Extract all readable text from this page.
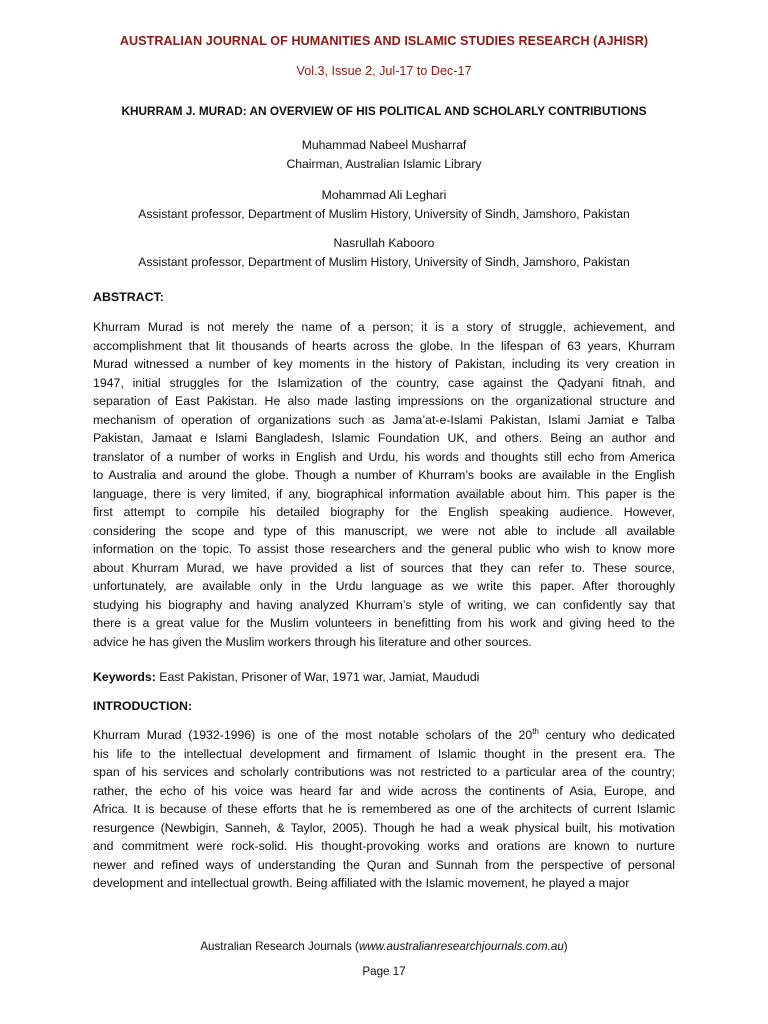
AUSTRALIAN JOURNAL OF HUMANITIES AND ISLAMIC STUDIES RESEARCH (AJHISR)
Vol.3, Issue 2, Jul-17 to Dec-17
KHURRAM J. MURAD: AN OVERVIEW OF HIS POLITICAL AND SCHOLARLY CONTRIBUTIONS
Muhammad Nabeel Musharraf
Chairman, Australian Islamic Library
Mohammad Ali Leghari
Assistant professor, Department of Muslim History, University of Sindh, Jamshoro, Pakistan
Nasrullah Kabooro
Assistant professor, Department of Muslim History, University of Sindh, Jamshoro, Pakistan
ABSTRACT:
Khurram Murad is not merely the name of a person; it is a story of struggle, achievement, and
accomplishment that lit thousands of hearts across the globe. In the lifespan of 63 years, Khurram
Murad witnessed a number of key moments in the history of Pakistan, including its very creation in
1947, initial struggles for the Islamization of the country, case against the Qadyani fitnah, and
separation of East Pakistan. He also made lasting impressions on the organizational structure and
mechanism of operation of organizations such as Jama’at-e-Islami Pakistan, Islami Jamiat e Talba
Pakistan, Jamaat e Islami Bangladesh, Islamic Foundation UK, and others. Being an author and
translator of a number of works in English and Urdu, his words and thoughts still echo from America
to Australia and around the globe. Though a number of Khurram’s books are available in the English
language, there is very limited, if any, biographical information available about him. This paper is the
first attempt to compile his detailed biography for the English speaking audience. However,
considering the scope and type of this manuscript, we were not able to include all available
information on the topic. To assist those researchers and the general public who wish to know more
about Khurram Murad, we have provided a list of sources that they can refer to. These source,
unfortunately, are available only in the Urdu language as we write this paper. After thoroughly
studying his biography and having analyzed Khurram’s style of writing, we can confidently say that
there is a great value for the Muslim volunteers in benefitting from his work and giving heed to the
advice he has given the Muslim workers through his literature and other sources.
Keywords: East Pakistan, Prisoner of War, 1971 war, Jamiat, Maududi
INTRODUCTION:
Khurram Murad (1932-1996) is one of the most notable scholars of the 20th century who dedicated
his life to the intellectual development and firmament of Islamic thought in the present era. The
span of his services and scholarly contributions was not restricted to a particular area of the country;
rather, the echo of his voice was heard far and wide across the continents of Asia, Europe, and
Africa. It is because of these efforts that he is remembered as one of the architects of current Islamic
resurgence (Newbigin, Sanneh, & Taylor, 2005). Though he had a weak physical built, his motivation
and commitment were rock-solid. His thought-provoking works and orations are known to nurture
newer and refined ways of understanding the Quran and Sunnah from the perspective of personal
development and intellectual growth. Being affiliated with the Islamic movement, he played a major
Australian Research Journals (www.australianresearchjournals.com.au)
Page 17
